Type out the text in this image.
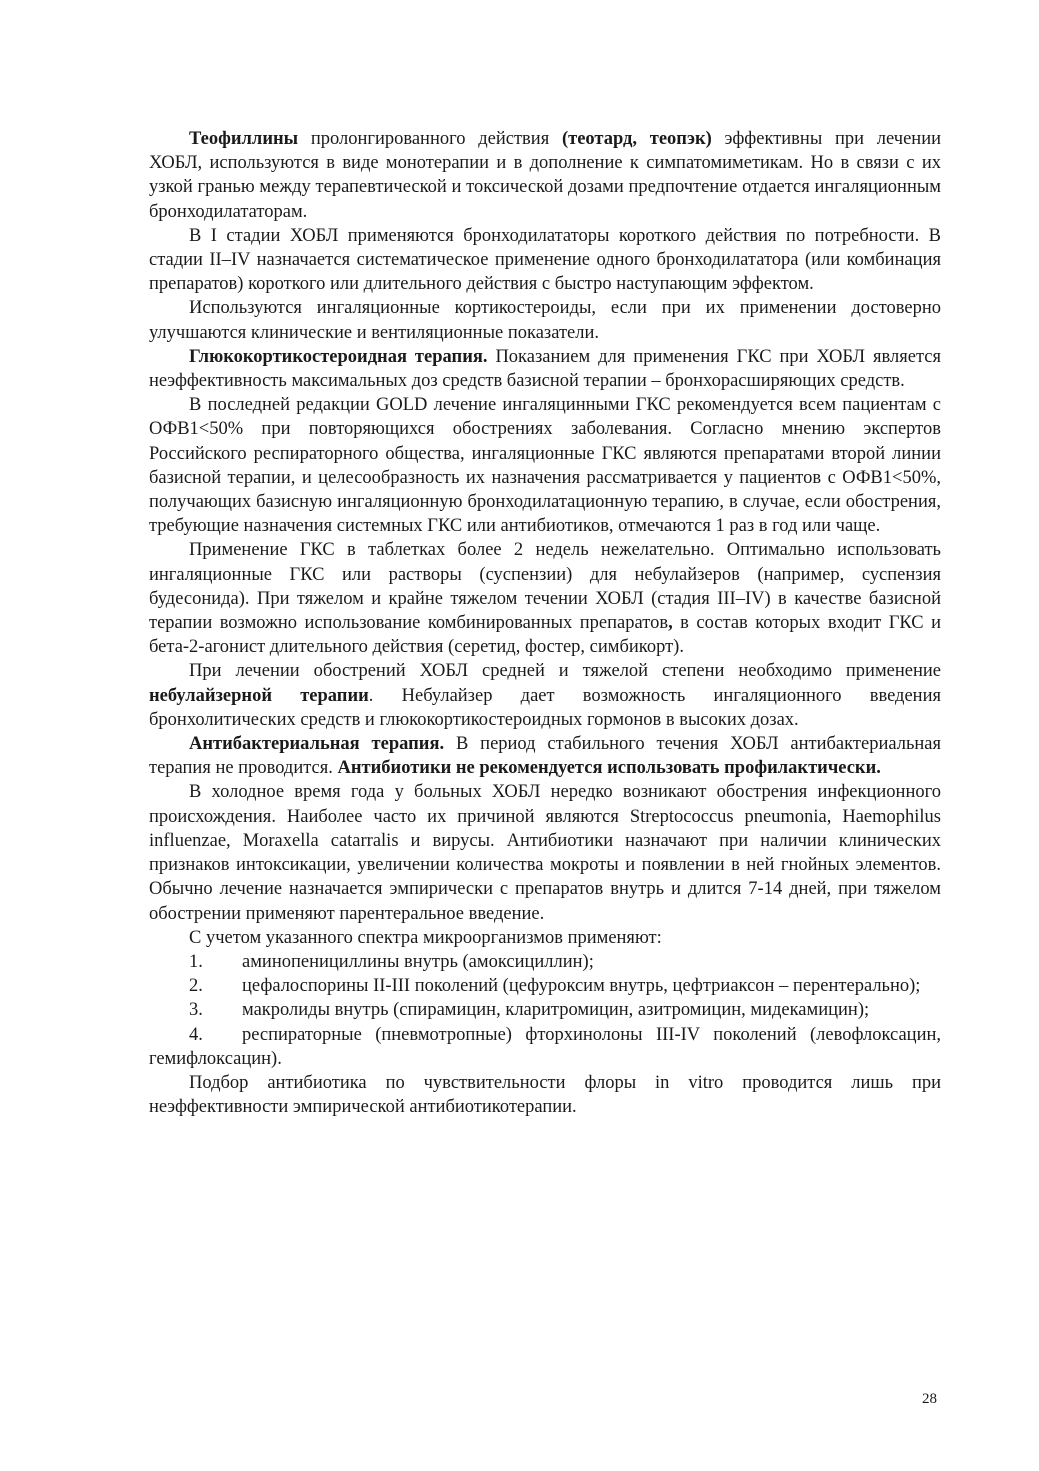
Теофиллины пролонгированного действия (теотард, теопэк) эффективны при лечении ХОБЛ, используются в виде монотерапии и в дополнение к симпатомиметикам. Но в связи с их узкой гранью между терапевтической и токсической дозами предпочтение отдается ингаляционным бронходилататорам.

В I стадии ХОБЛ применяются бронходилататоры короткого действия по потребности. В стадии II–IV назначается систематическое применение одного бронходилататора (или комбинация препаратов) короткого или длительного действия с быстро наступающим эффектом.

Используются ингаляционные кортикостероиды, если при их применении достоверно улучшаются клинические и вентиляционные показатели.

Глюкокортикостероидная терапия. Показанием для применения ГКС при ХОБЛ является неэффективность максимальных доз средств базисной терапии – бронхорасширяющих средств.

В последней редакции GOLD лечение ингаляцинными ГКС рекомендуется всем пациентам с ОФВ1<50% при повторяющихся обострениях заболевания. Согласно мнению экспертов Российского респираторного общества, ингаляционные ГКС являются препаратами второй линии базисной терапии, и целесообразность их назначения рассматривается у пациентов с ОФВ1<50%, получающих базисную ингаляционную бронходилатационную терапию, в случае, если обострения, требующие назначения системных ГКС или антибиотиков, отмечаются 1 раз в год или чаще.

Применение ГКС в таблетках более 2 недель нежелательно. Оптимально использовать ингаляционные ГКС или растворы (суспензии) для небулайзеров (например, суспензия будесонида). При тяжелом и крайне тяжелом течении ХОБЛ (стадия III–IV) в качестве базисной терапии возможно использование комбинированных препаратов, в состав которых входит ГКС и бета-2-агонист длительного действия (серетид, фостер, симбикорт).

При лечении обострений ХОБЛ средней и тяжелой степени необходимо применение небулайзерной терапии. Небулайзер дает возможность ингаляционного введения бронхолитических средств и глюкокортикостероидных гормонов в высоких дозах.

Антибактериальная терапия. В период стабильного течения ХОБЛ антибактериальная терапия не проводится. Антибиотики не рекомендуется использовать профилактически.

В холодное время года у больных ХОБЛ нередко возникают обострения инфекционного происхождения. Наиболее часто их причиной являются Streptococcus pneumonia, Haemophilus influenzae, Moraxella catarralis и вирусы. Антибиотики назначают при наличии клинических признаков интоксикации, увеличении количества мокроты и появлении в ней гнойных элементов. Обычно лечение назначается эмпирически с препаратов внутрь и длится 7-14 дней, при тяжелом обострении применяют парентеральное введение.

С учетом указанного спектра микроорганизмов применяют:

1. аминопенициллины внутрь (амоксициллин);

2. цефалоспорины II-III поколений (цефуроксим внутрь, цефтриаксон – перентерально);

3. макролиды внутрь (спирамицин, кларитромицин, азитромицин, мидекамицин);

4. респираторные (пневмотропные) фторхинолоны III-IV поколений (левофлоксацин, гемифлоксацин).

Подбор антибиотика по чувствительности флоры in vitro проводится лишь при неэффективности эмпирической антибиотикотерапии.

28
